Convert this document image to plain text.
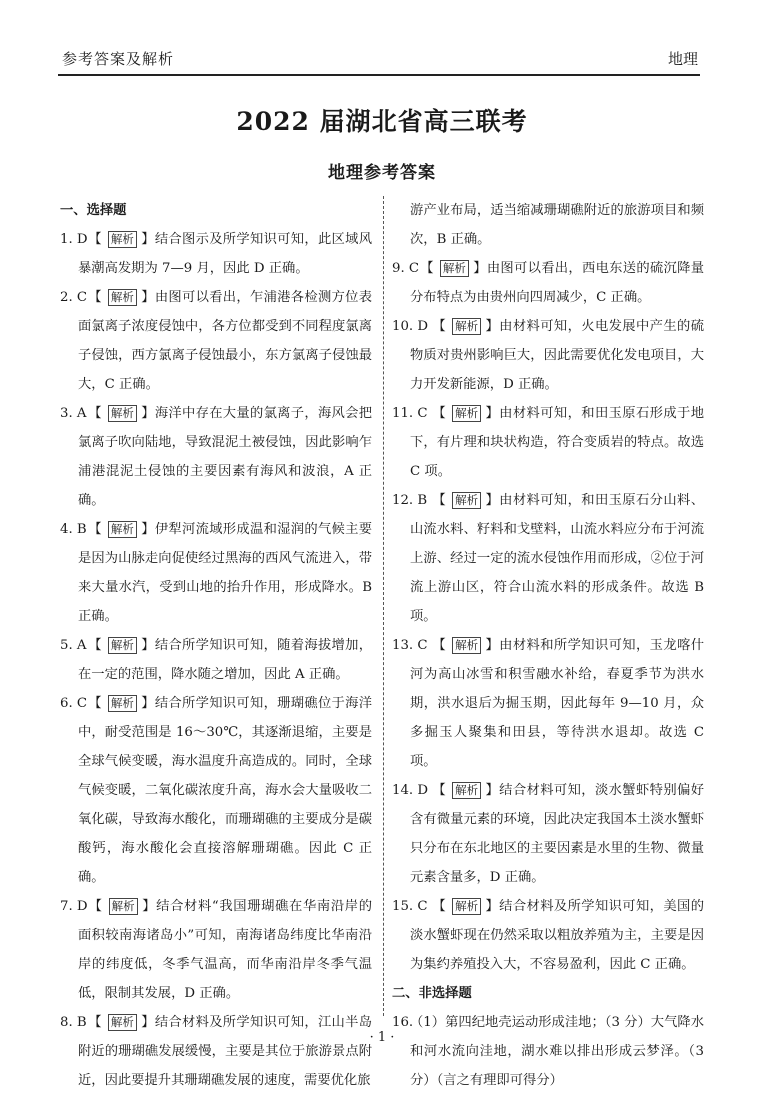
参考答案及解析	地理
2022 届湖北省高三联考
地理参考答案
一、选择题
1. D 【 解析 】结合图示及所学知识可知，此区域风暴潮高发期为 7—9 月，因此 D 正确。
2. C 【 解析 】由图可以看出，乍浦港各检测方位表面氯离子浓度侵蚀中，各方位都受到不同程度氯离子侵蚀，西方氯离子侵蚀最小，东方氯离子侵蚀最大，C 正确。
3. A 【 解析 】海洋中存在大量的氯离子，海风会把氯离子吹向陆地，导致混泥土被侵蚀，因此影响乍浦港混泥土侵蚀的主要因素有海风和波浪，A 正确。
4. B 【 解析 】伊犁河流域形成温和湿润的气候主要是因为山脉走向促使经过黑海的西风气流进入，带来大量水汽，受到山地的抬升作用，形成降水。B 正确。
5. A 【 解析 】结合所学知识可知，随着海拔增加，在一定的范围，降水随之增加，因此 A 正确。
6. C 【 解析 】结合所学知识可知，珊瑚礁位于海洋中，耐受范围是 16～30℃，其逐渐退缩，主要是全球气候变暖，海水温度升高造成的。同时，全球气候变暖，二氧化碳浓度升高，海水会大量吸收二氧化碳，导致海水酸化，而珊瑚礁的主要成分是碳酸钙，海水酸化会直接溶解珊瑚礁。因此 C 正确。
7. D 【 解析 】结合材料“我国珊瑚礁在华南沿岸的面积较南海诸岛小”可知，南海诸岛纬度比华南沿岸的纬度低，冬季气温高，而华南沿岸冬季气温低，限制其发展，D 正确。
8. B 【 解析 】结合材料及所学知识可知，江山半岛附近的珊瑚礁发展缓慢，主要是其位于旅游景点附近，因此要提升其珊瑚礁发展的速度，需要优化旅
游产业布局，适当缩减珊瑚礁附近的旅游项目和频次，B 正确。
9. C 【 解析 】由图可以看出，西电东送的硫沉降量分布特点为由贵州向四周减少，C 正确。
10. D 【 解析 】由材料可知，火电发展中产生的硫物质对贵州影响巨大，因此需要优化发电项目，大力开发新能源，D 正确。
11. C 【 解析 】由材料可知，和田玉原石形成于地下，有片理和块状构造，符合变质岩的特点。故选 C 项。
12. B 【 解析 】由材料可知，和田玉原石分山料、山流水料、籽料和戈壁料，山流水料应分布于河流上游、经过一定的流水侵蚀作用而形成，②位于河流上游山区，符合山流水料的形成条件。故选 B 项。
13. C 【 解析 】由材料和所学知识可知，玉龙喀什河为高山冰雪和积雪融水补给，春夏季节为洪水期，洪水退后为掘玉期，因此每年 9—10 月，众多掘玉人聚集和田县，等待洪水退却。故选 C 项。
14. D 【 解析 】结合材料可知，淡水蟹虾特别偏好含有微量元素的环境，因此决定我国本土淡水蟹虾只分布在东北地区的主要因素是水里的生物、微量元素含量多，D 正确。
15. C 【 解析 】结合材料及所学知识可知，美国的淡水蟹虾现在仍然采取以粗放养殖为主，主要是因为集约养殖投入大，不容易盈利，因此 C 正确。
二、非选择题
16.
（1）第四纪地壳运动形成洼地；（3 分）大气降水和河水流向洼地，湖水难以排出形成云梦泽。（3 分）（言之有理即可得分）
· 1 ·
